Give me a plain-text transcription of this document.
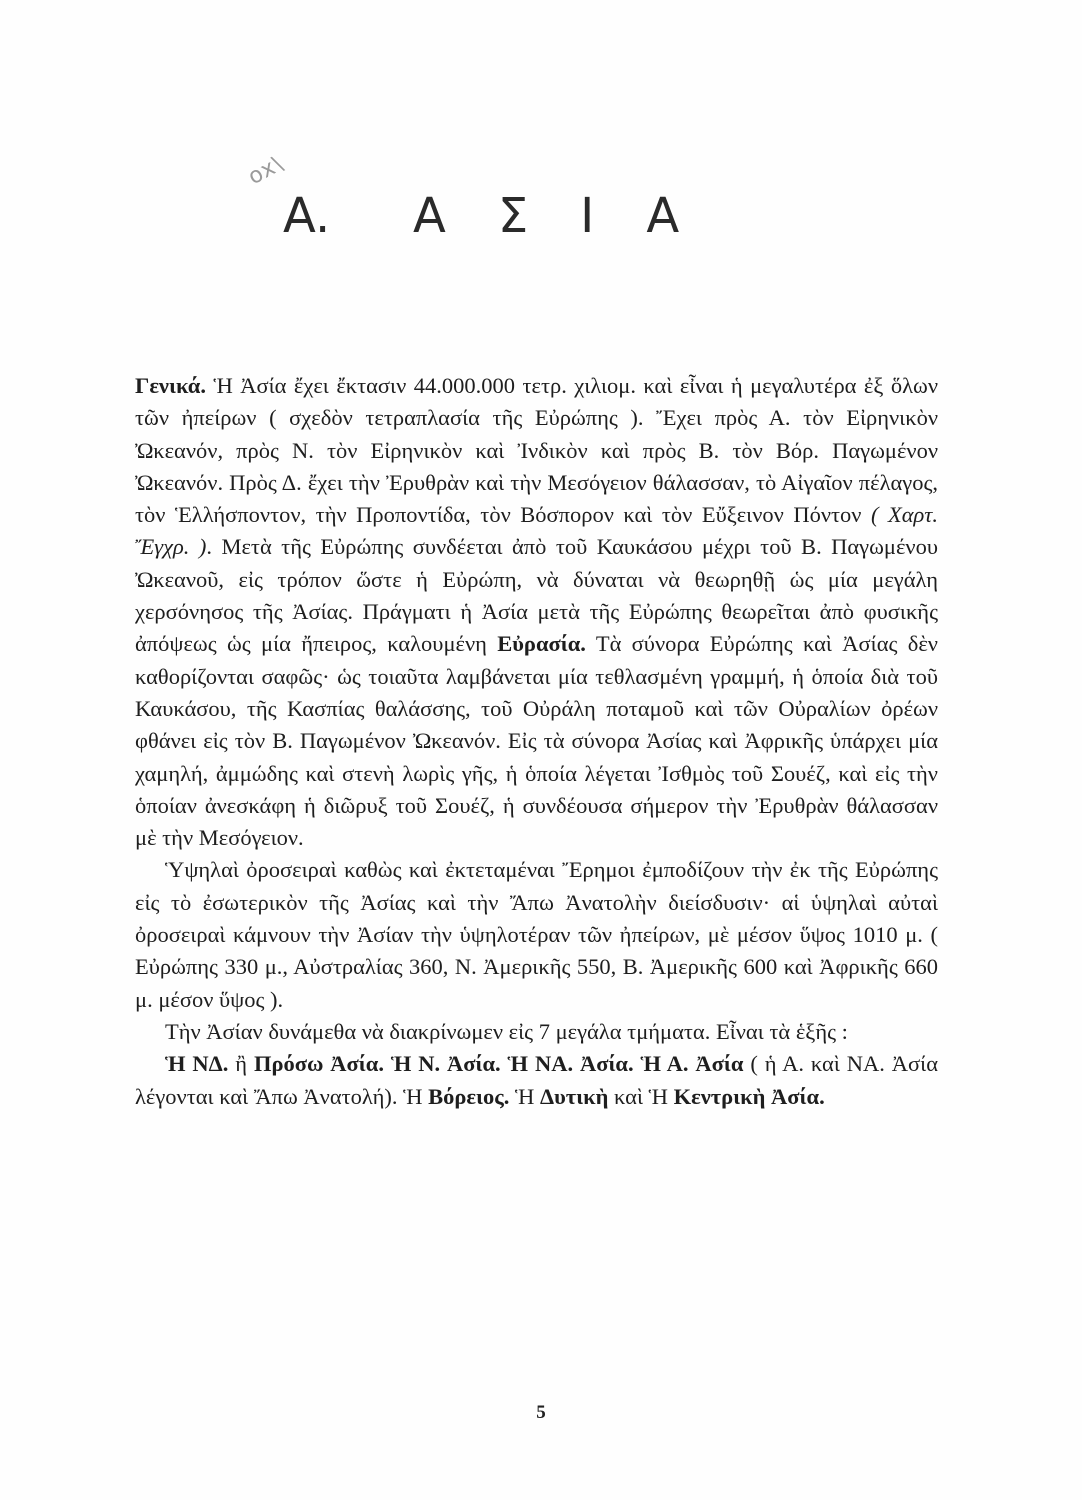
ox\
A. ΑΣΙΑ

Γενικά. Ἡ Ἀσία ἔχει ἔκτασιν 44.000.000 τετρ. χιλιομ. καὶ εἶναι ἡ μεγαλυτέρα ἐξ ὅλων τῶν ἠπείρων ( σχεδὸν τετραπλασία τῆς Εὐρώπης ). Ἔχει πρὸς Α. τὸν Εἰρηνικὸν Ὠκεανόν, πρὸς Ν. τὸν Εἰρηνικὸν καὶ Ἰνδικὸν καὶ πρὸς Β. τὸν Βόρ. Παγωμένον Ὠκεανόν. Πρὸς Δ. ἔχει τὴν Ἐρυθρὰν καὶ τὴν Μεσόγειον θάλασσαν, τὸ Αἰγαῖον πέλαγος, τὸν Ἑλλήσποντον, τὴν Προποντίδα, τὸν Βόσπορον καὶ τὸν Εὔξεινον Πόντον ( Χαρτ. Ἔγχρ. ). Μετὰ τῆς Εὐρώπης συνδέεται ἀπὸ τοῦ Καυκάσου μέχρι τοῦ Β. Παγωμένου Ὠκεανοῦ, εἰς τρόπον ὥστε ἡ Εὐρώπη, νὰ δύναται νὰ θεωρηθῇ ὡς μία μεγάλη χερσόνησος τῆς Ἀσίας. Πράγματι ἡ Ἀσία μετὰ τῆς Εὐρώπης θεωρεῖται ἀπὸ φυσικῆς ἀπόψεως ὡς μία ἤπειρος, καλουμένη Εὐρασία. Τὰ σύνορα Εὐρώπης καὶ Ἀσίας δὲν καθορίζονται σαφῶς· ὡς τοιαῦτα λαμβάνεται μία τεθλασμένη γραμμή, ἡ ὁποία διὰ τοῦ Καυκάσου, τῆς Κασπίας θαλάσσης, τοῦ Οὐράλη ποταμοῦ καὶ τῶν Οὐραλίων ὀρέων φθάνει εἰς τὸν Β. Παγωμένον Ὠκεανόν. Εἰς τὰ σύνορα Ἀσίας καὶ Ἀφρικῆς ὑπάρχει μία χαμηλή, ἀμμώδης καὶ στενὴ λωρὶς γῆς, ἡ ὁποία λέγεται Ἰσθμὸς τοῦ Σουέζ, καὶ εἰς τὴν ὁποίαν ἀνεσκάφη ἡ διῶρυξ τοῦ Σουέζ, ἡ συνδέουσα σήμερον τὴν Ἐρυθρὰν θάλασσαν μὲ τὴν Μεσόγειον.

Ὑψηλαὶ ὀροσειραὶ καθὼς καὶ ἐκτεταμέναι Ἔρημοι ἐμποδίζουν τὴν ἐκ τῆς Εὐρώπης εἰς τὸ ἐσωτερικὸν τῆς Ἀσίας καὶ τὴν Ἄπω Ἀνατολὴν διείσδυσιν· αἱ ὑψηλαὶ αὐταὶ ὀροσειραὶ κάμνουν τὴν Ἀσίαν τὴν ὑψηλοτέραν τῶν ἠπείρων, μὲ μέσον ὕψος 1010 μ. ( Εὐρώπης 330 μ., Αὐστραλίας 360, Ν. Ἀμερικῆς 550, Β. Ἀμερικῆς 600 καὶ Ἀφρικῆς 660 μ. μέσον ὕψος ).

Τὴν Ἀσίαν δυνάμεθα νὰ διακρίνωμεν εἰς 7 μεγάλα τμήματα. Εἶναι τὰ ἑξῆς :

Ἡ ΝΔ. ἢ Πρόσω Ἀσία. Ἡ Ν. Ἀσία. Ἡ ΝΑ. Ἀσία. Ἡ Α. Ἀσία ( ἡ Α. καὶ ΝΑ. Ἀσία λέγονται καὶ Ἄπω Ἀνατολή). Ἡ Βόρειος. Ἡ Δυτικὴ καὶ Ἡ Κεντρικὴ Ἀσία.

5
